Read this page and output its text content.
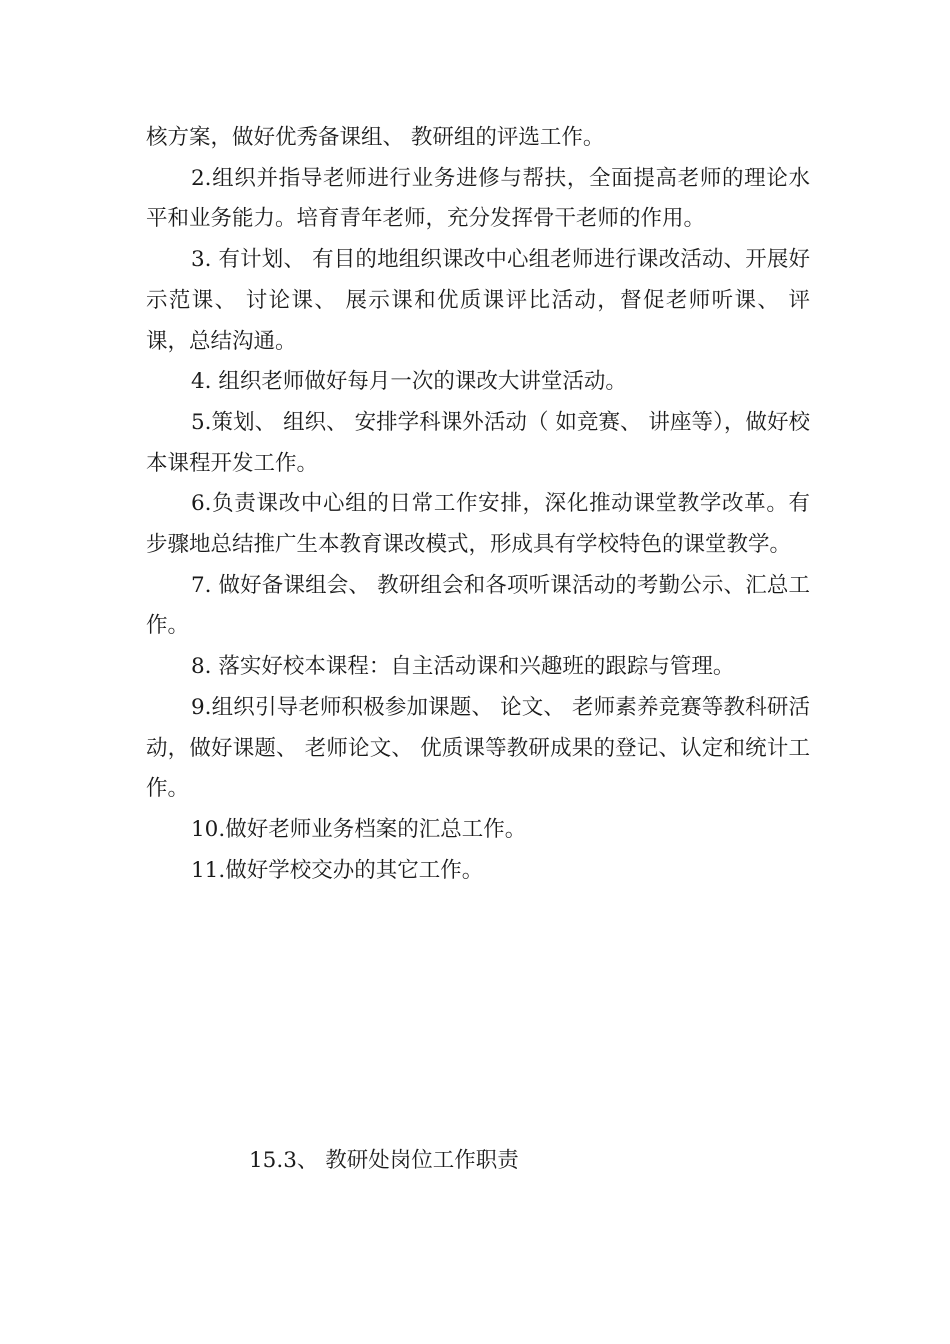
核方案，做好优秀备课组、 教研组的评选工作。

2.组织并指导老师进行业务进修与帮扶，全面提高老师的理论水平和业务能力。培育青年老师，充分发挥骨干老师的作用。

3. 有计划、 有目的地组织课改中心组老师进行课改活动、开展好示范课、 讨论课、 展示课和优质课评比活动，督促老师听课、 评课，总结沟通。

4. 组织老师做好每月一次的课改大讲堂活动。

5.策划、 组织、 安排学科课外活动（ 如竞赛、 讲座等），做好校本课程开发工作。

6.负责课改中心组的日常工作安排，深化推动课堂教学改革。有步骤地总结推广生本教育课改模式，形成具有学校特色的课堂教学。

7. 做好备课组会、 教研组会和各项听课活动的考勤公示、汇总工作。

8. 落实好校本课程：自主活动课和兴趣班的跟踪与管理。

9.组织引导老师积极参加课题、 论文、 老师素养竞赛等教科研活动，做好课题、 老师论文、 优质课等教研成果的登记、认定和统计工作。

10.做好老师业务档案的汇总工作。

11.做好学校交办的其它工作。

15.3、 教研处岗位工作职责
